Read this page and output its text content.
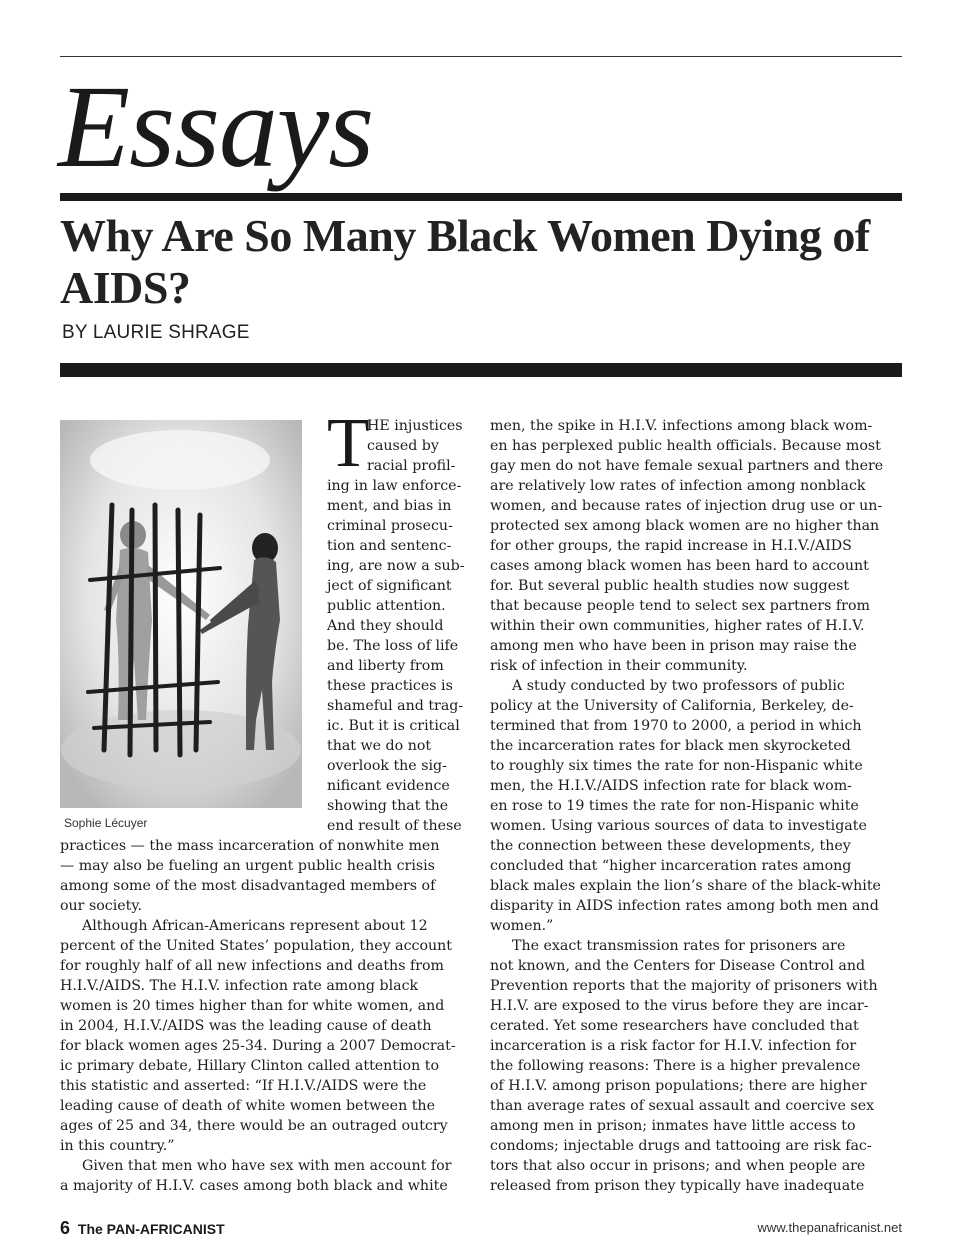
Essays
Why Are So Many Black Women Dying of AIDS?
BY LAURIE SHRAGE
Sophie Lécuyer
T
HE injustices
caused by
racial profil-
ing in law enforce-
ment, and bias in
criminal prosecu-
tion and sentenc-
ing, are now a sub-
ject of significant
public attention.
And they should
be. The loss of life
and liberty from
these practices is
shameful and trag-
ic. But it is critical
that we do not
overlook the sig-
nificant evidence
showing that the
end result of these
practices — the mass incarceration of nonwhite men
— may also be fueling an urgent public health crisis
among some of the most disadvantaged members of
our society.
Although African-Americans represent about 12
percent of the United States’ population, they account
for roughly half of all new infections and deaths from
H.I.V./AIDS. The H.I.V. infection rate among black
women is 20 times higher than for white women, and
in 2004, H.I.V./AIDS was the leading cause of death
for black women ages 25-34. During a 2007 Democrat-
ic primary debate, Hillary Clinton called attention to
this statistic and asserted: “If H.I.V./AIDS were the
leading cause of death of white women between the
ages of 25 and 34, there would be an outraged outcry
in this country.”
Given that men who have sex with men account for
a majority of H.I.V. cases among both black and white
men, the spike in H.I.V. infections among black wom-
en has perplexed public health officials. Because most
gay men do not have female sexual partners and there
are relatively low rates of infection among nonblack
women, and because rates of injection drug use or un-
protected sex among black women are no higher than
for other groups, the rapid increase in H.I.V./AIDS
cases among black women has been hard to account
for. But several public health studies now suggest
that because people tend to select sex partners from
within their own communities, higher rates of H.I.V.
among men who have been in prison may raise the
risk of infection in their community.
A study conducted by two professors of public
policy at the University of California, Berkeley, de-
termined that from 1970 to 2000, a period in which
the incarceration rates for black men skyrocketed
to roughly six times the rate for non-Hispanic white
men, the H.I.V./AIDS infection rate for black wom-
en rose to 19 times the rate for non-Hispanic white
women. Using various sources of data to investigate
the connection between these developments, they
concluded that “higher incarceration rates among
black males explain the lion’s share of the black-white
disparity in AIDS infection rates among both men and
women.”
The exact transmission rates for prisoners are
not known, and the Centers for Disease Control and
Prevention reports that the majority of prisoners with
H.I.V. are exposed to the virus before they are incar-
cerated. Yet some researchers have concluded that
incarceration is a risk factor for H.I.V. infection for
the following reasons: There is a higher prevalence
of H.I.V. among prison populations; there are higher
than average rates of sexual assault and coercive sex
among men in prison; inmates have little access to
condoms; injectable drugs and tattooing are risk fac-
tors that also occur in prisons; and when people are
released from prison they typically have inadequate
6 The PAN-AFRICANIST	www.thepanafricanist.net
